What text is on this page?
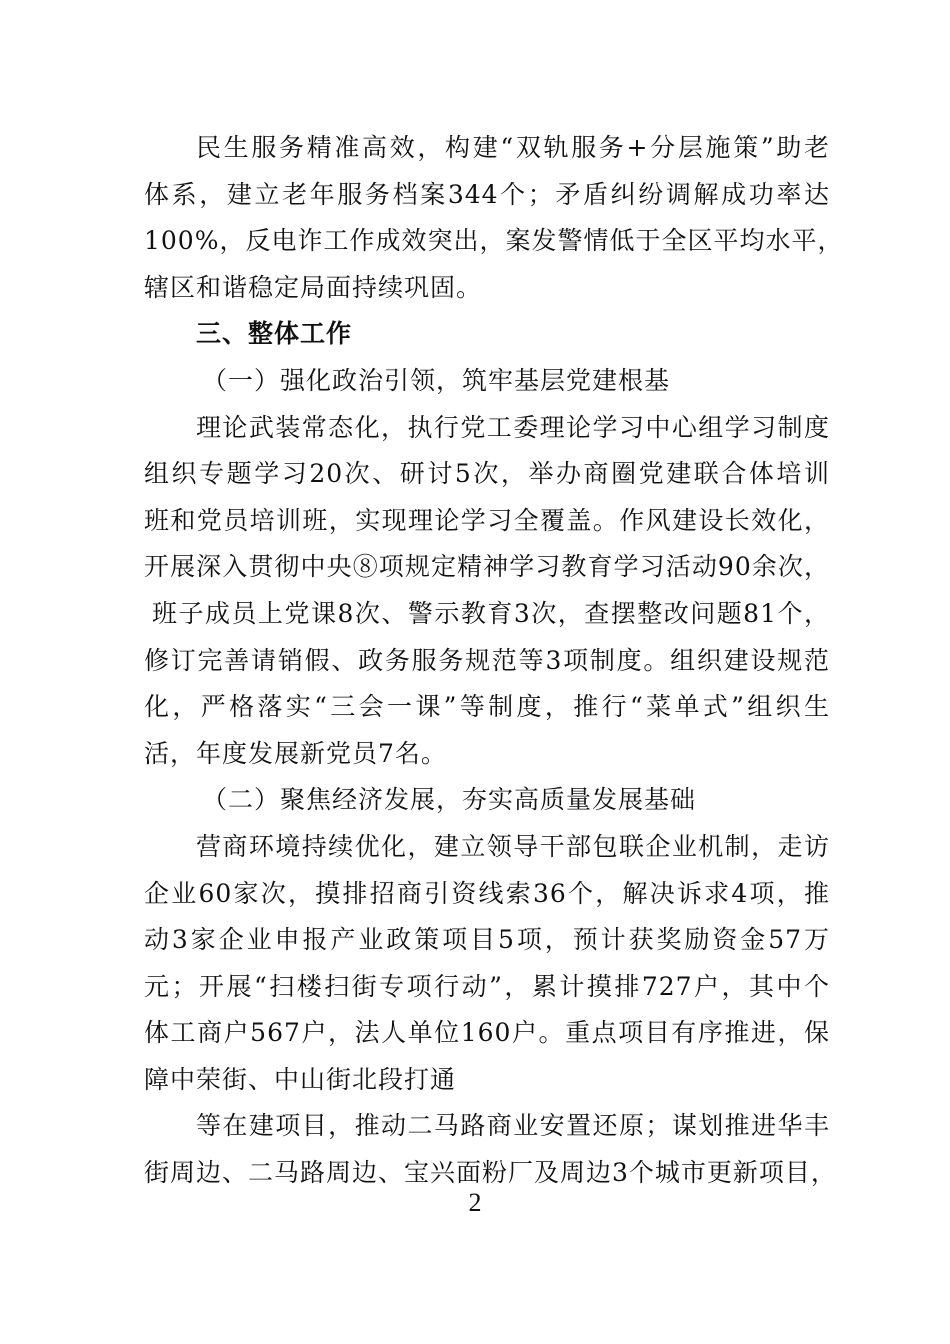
民生服务精准高效，构建“双轨服务+分层施策”助老
体系，建立老年服务档案344个；矛盾纠纷调解成功率达
100%，反电诈工作成效突出，案发警情低于全区平均水平，
辖区和谐稳定局面持续巩固。
三、整体工作
（一）强化政治引领，筑牢基层党建根基
理论武装常态化，执行党工委理论学习中心组学习制度
组织专题学习20次、研讨5次，举办商圈党建联合体培训
班和党员培训班，实现理论学习全覆盖。作风建设长效化，
开展深入贯彻中央⑧项规定精神学习教育学习活动90余次，
班子成员上党课8次、警示教育3次，查摆整改问题81个，
修订完善请销假、政务服务规范等3项制度。组织建设规范
化，严格落实“三会一课”等制度，推行“菜单式”组织生
活，年度发展新党员7名。
（二）聚焦经济发展，夯实高质量发展基础
营商环境持续优化，建立领导干部包联企业机制，走访
企业60家次，摸排招商引资线索36个，解决诉求4项，推
动3家企业申报产业政策项目5项，预计获奖励资金57万
元；开展“扫楼扫街专项行动”，累计摸排727户，其中个
体工商户567户，法人单位160户。重点项目有序推进，保
障中荣街、中山街北段打通
等在建项目，推动二马路商业安置还原；谋划推进华丰
街周边、二马路周边、宝兴面粉厂及周边3个城市更新项目，
2
